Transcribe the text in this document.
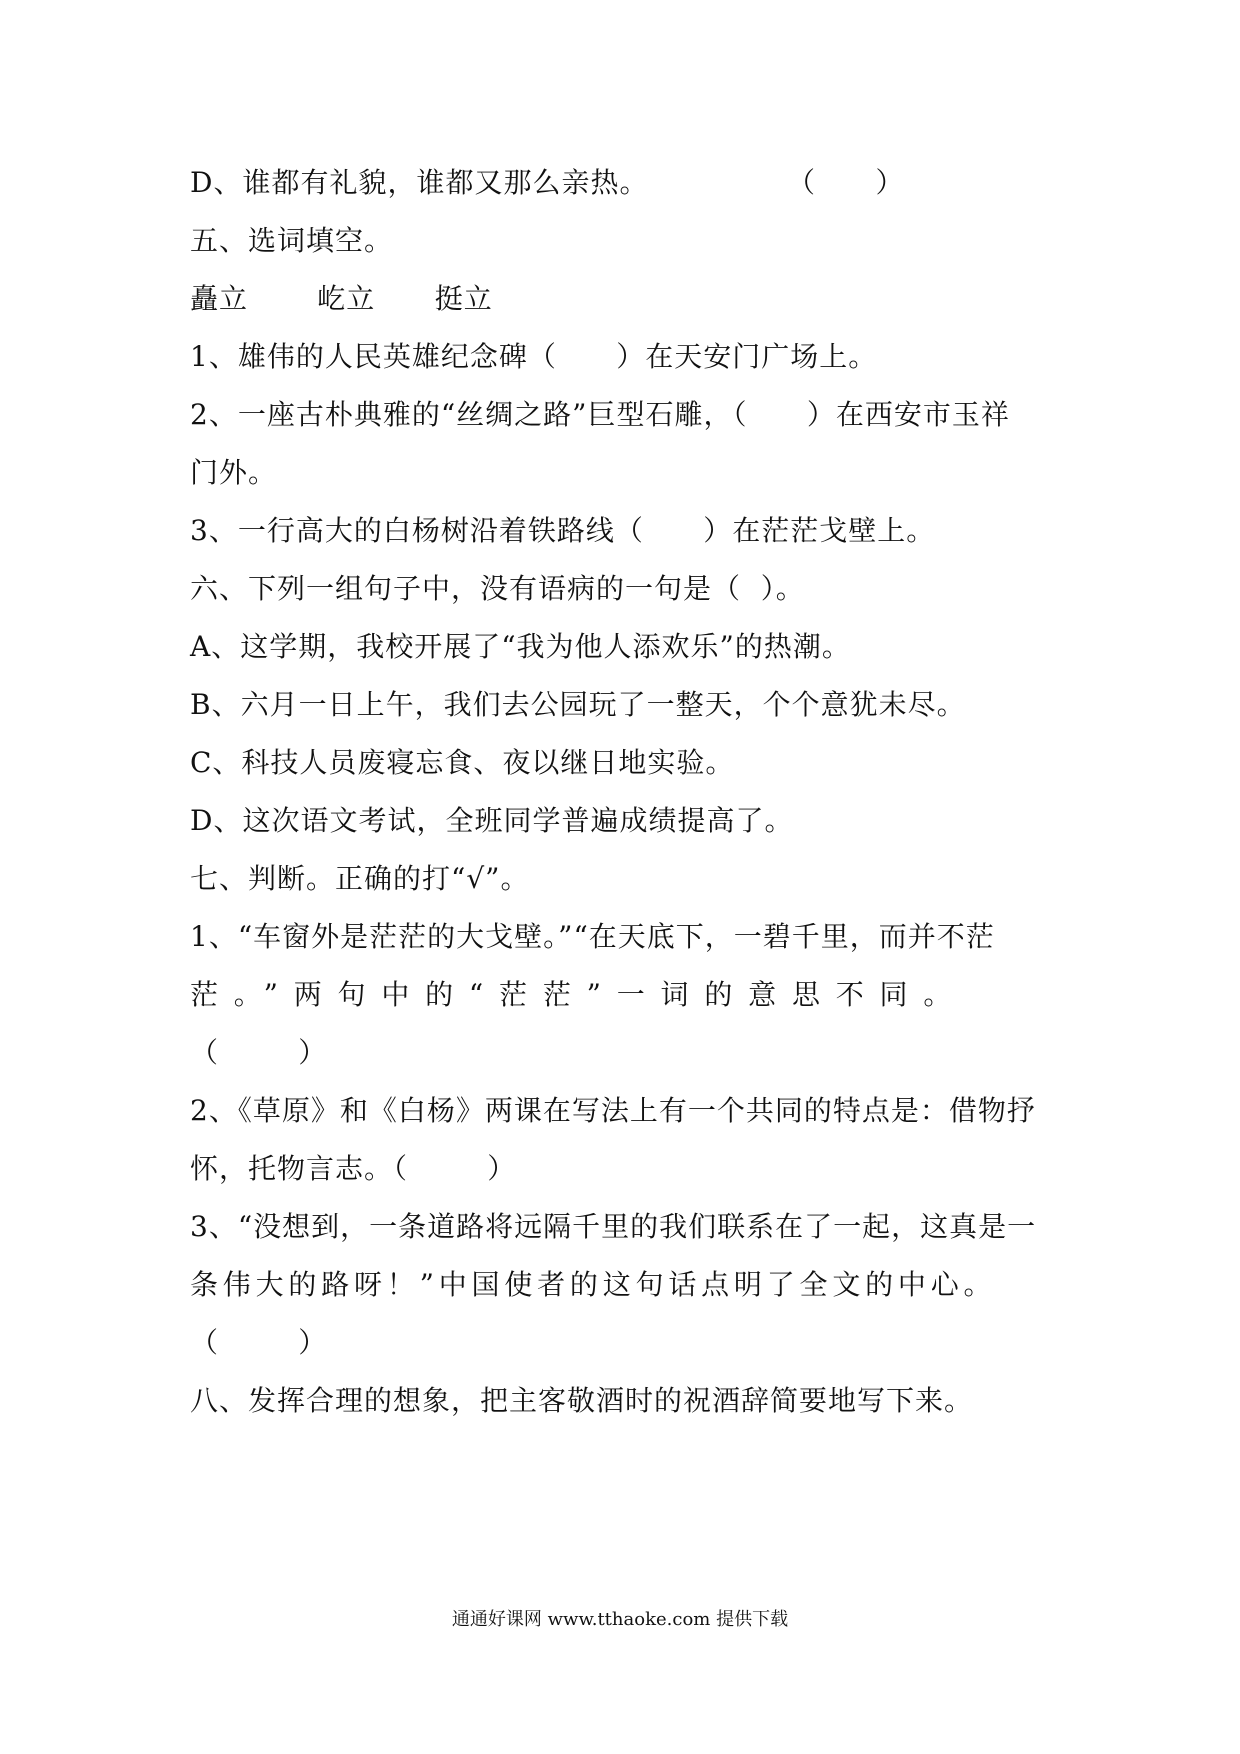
D、谁都有礼貌，谁都又那么亲热。              （      ）
五、选词填空。
矗立       屹立      挺立
1、雄伟的人民英雄纪念碑（      ）在天安门广场上。
2、一座古朴典雅的“丝绸之路”巨型石雕，（      ）在西安市玉祥
门外。
3、一行高大的白杨树沿着铁路线（      ）在茫茫戈壁上。
六、下列一组句子中，没有语病的一句是（  ）。
A、这学期，我校开展了“我为他人添欢乐”的热潮。
B、六月一日上午，我们去公园玩了一整天，个个意犹未尽。
C、科技人员废寝忘食、夜以继日地实验。
D、这次语文考试，全班同学普遍成绩提高了。
七、判断。正确的打“√”。
1、“车窗外是茫茫的大戈壁。”“在天底下，一碧千里，而并不茫
茫。”两句中的“茫茫”一词的意思不同。
（        ）
2、《草原》和《白杨》两课在写法上有一个共同的特点是：借物抒
怀，托物言志。（        ）
3、“没想到，一条道路将远隔千里的我们联系在了一起，这真是一
条伟大的路呀！”中国使者的这句话点明了全文的中心。
（        ）
八、发挥合理的想象，把主客敬酒时的祝酒辞简要地写下来。
通通好课网 www.tthaoke.com 提供下载
